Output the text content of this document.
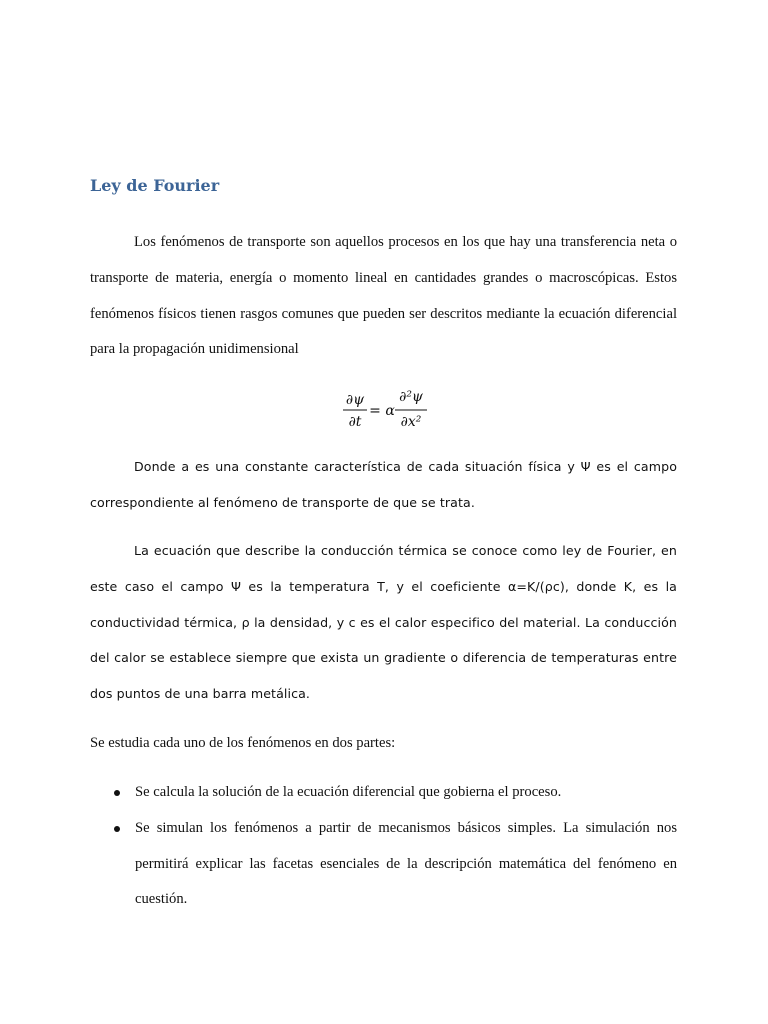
Ley de Fourier

Los fenómenos de transporte son aquellos procesos en los que hay una transferencia neta o transporte de materia, energía o momento lineal en cantidades grandes o macroscópicas. Estos fenómenos físicos tienen rasgos comunes que pueden ser descritos mediante la ecuación diferencial para la propagación unidimensional

∂ψ
∂t
= α
∂²ψ
∂x²

Donde a es una constante característica de cada situación física y Ψ es el campo correspondiente al fenómeno de transporte de que se trata.

La ecuación que describe la conducción térmica se conoce como ley de Fourier, en este caso el campo Ψ es la temperatura T, y el coeficiente α=K/(ρc), donde K, es la conductividad térmica, ρ la densidad, y c es el calor especifico del material. La conducción del calor se establece siempre que exista un gradiente o diferencia de temperaturas entre dos puntos de una barra metálica.

Se estudia cada uno de los fenómenos en dos partes:

Se calcula la solución de la ecuación diferencial que gobierna el proceso.
Se simulan los fenómenos a partir de mecanismos básicos simples. La simulación nos permitirá explicar las facetas esenciales de la descripción matemática del fenómeno en cuestión.
